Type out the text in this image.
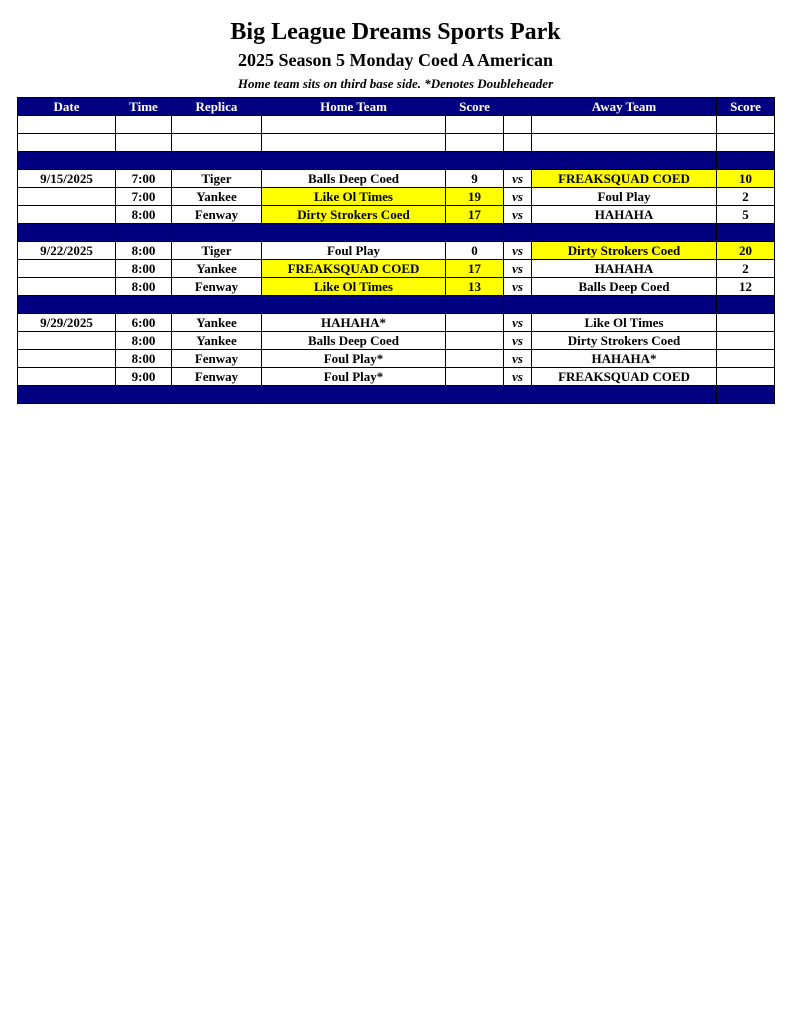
Big League Dreams Sports Park
2025 Season 5 Monday Coed A American
Home team sits on third base side. *Denotes Doubleheader
Date	Time	Replica	Home Team	Score		Away Team	Score

9/15/2025	7:00	Tiger	Balls Deep Coed	9	vs	FREAKSQUAD COED	10
	7:00	Yankee	Like Ol Times	19	vs	Foul Play	2
	8:00	Fenway	Dirty Strokers Coed	17	vs	HAHAHA	5

9/22/2025	8:00	Tiger	Foul Play	0	vs	Dirty Strokers Coed	20
	8:00	Yankee	FREAKSQUAD COED	17	vs	HAHAHA	2
	8:00	Fenway	Like Ol Times	13	vs	Balls Deep Coed	12

9/29/2025	6:00	Yankee	HAHAHA*		vs	Like Ol Times	
	8:00	Yankee	Balls Deep Coed		vs	Dirty Strokers Coed	
	8:00	Fenway	Foul Play*		vs	HAHAHA*	
	9:00	Fenway	Foul Play*		vs	FREAKSQUAD COED	
